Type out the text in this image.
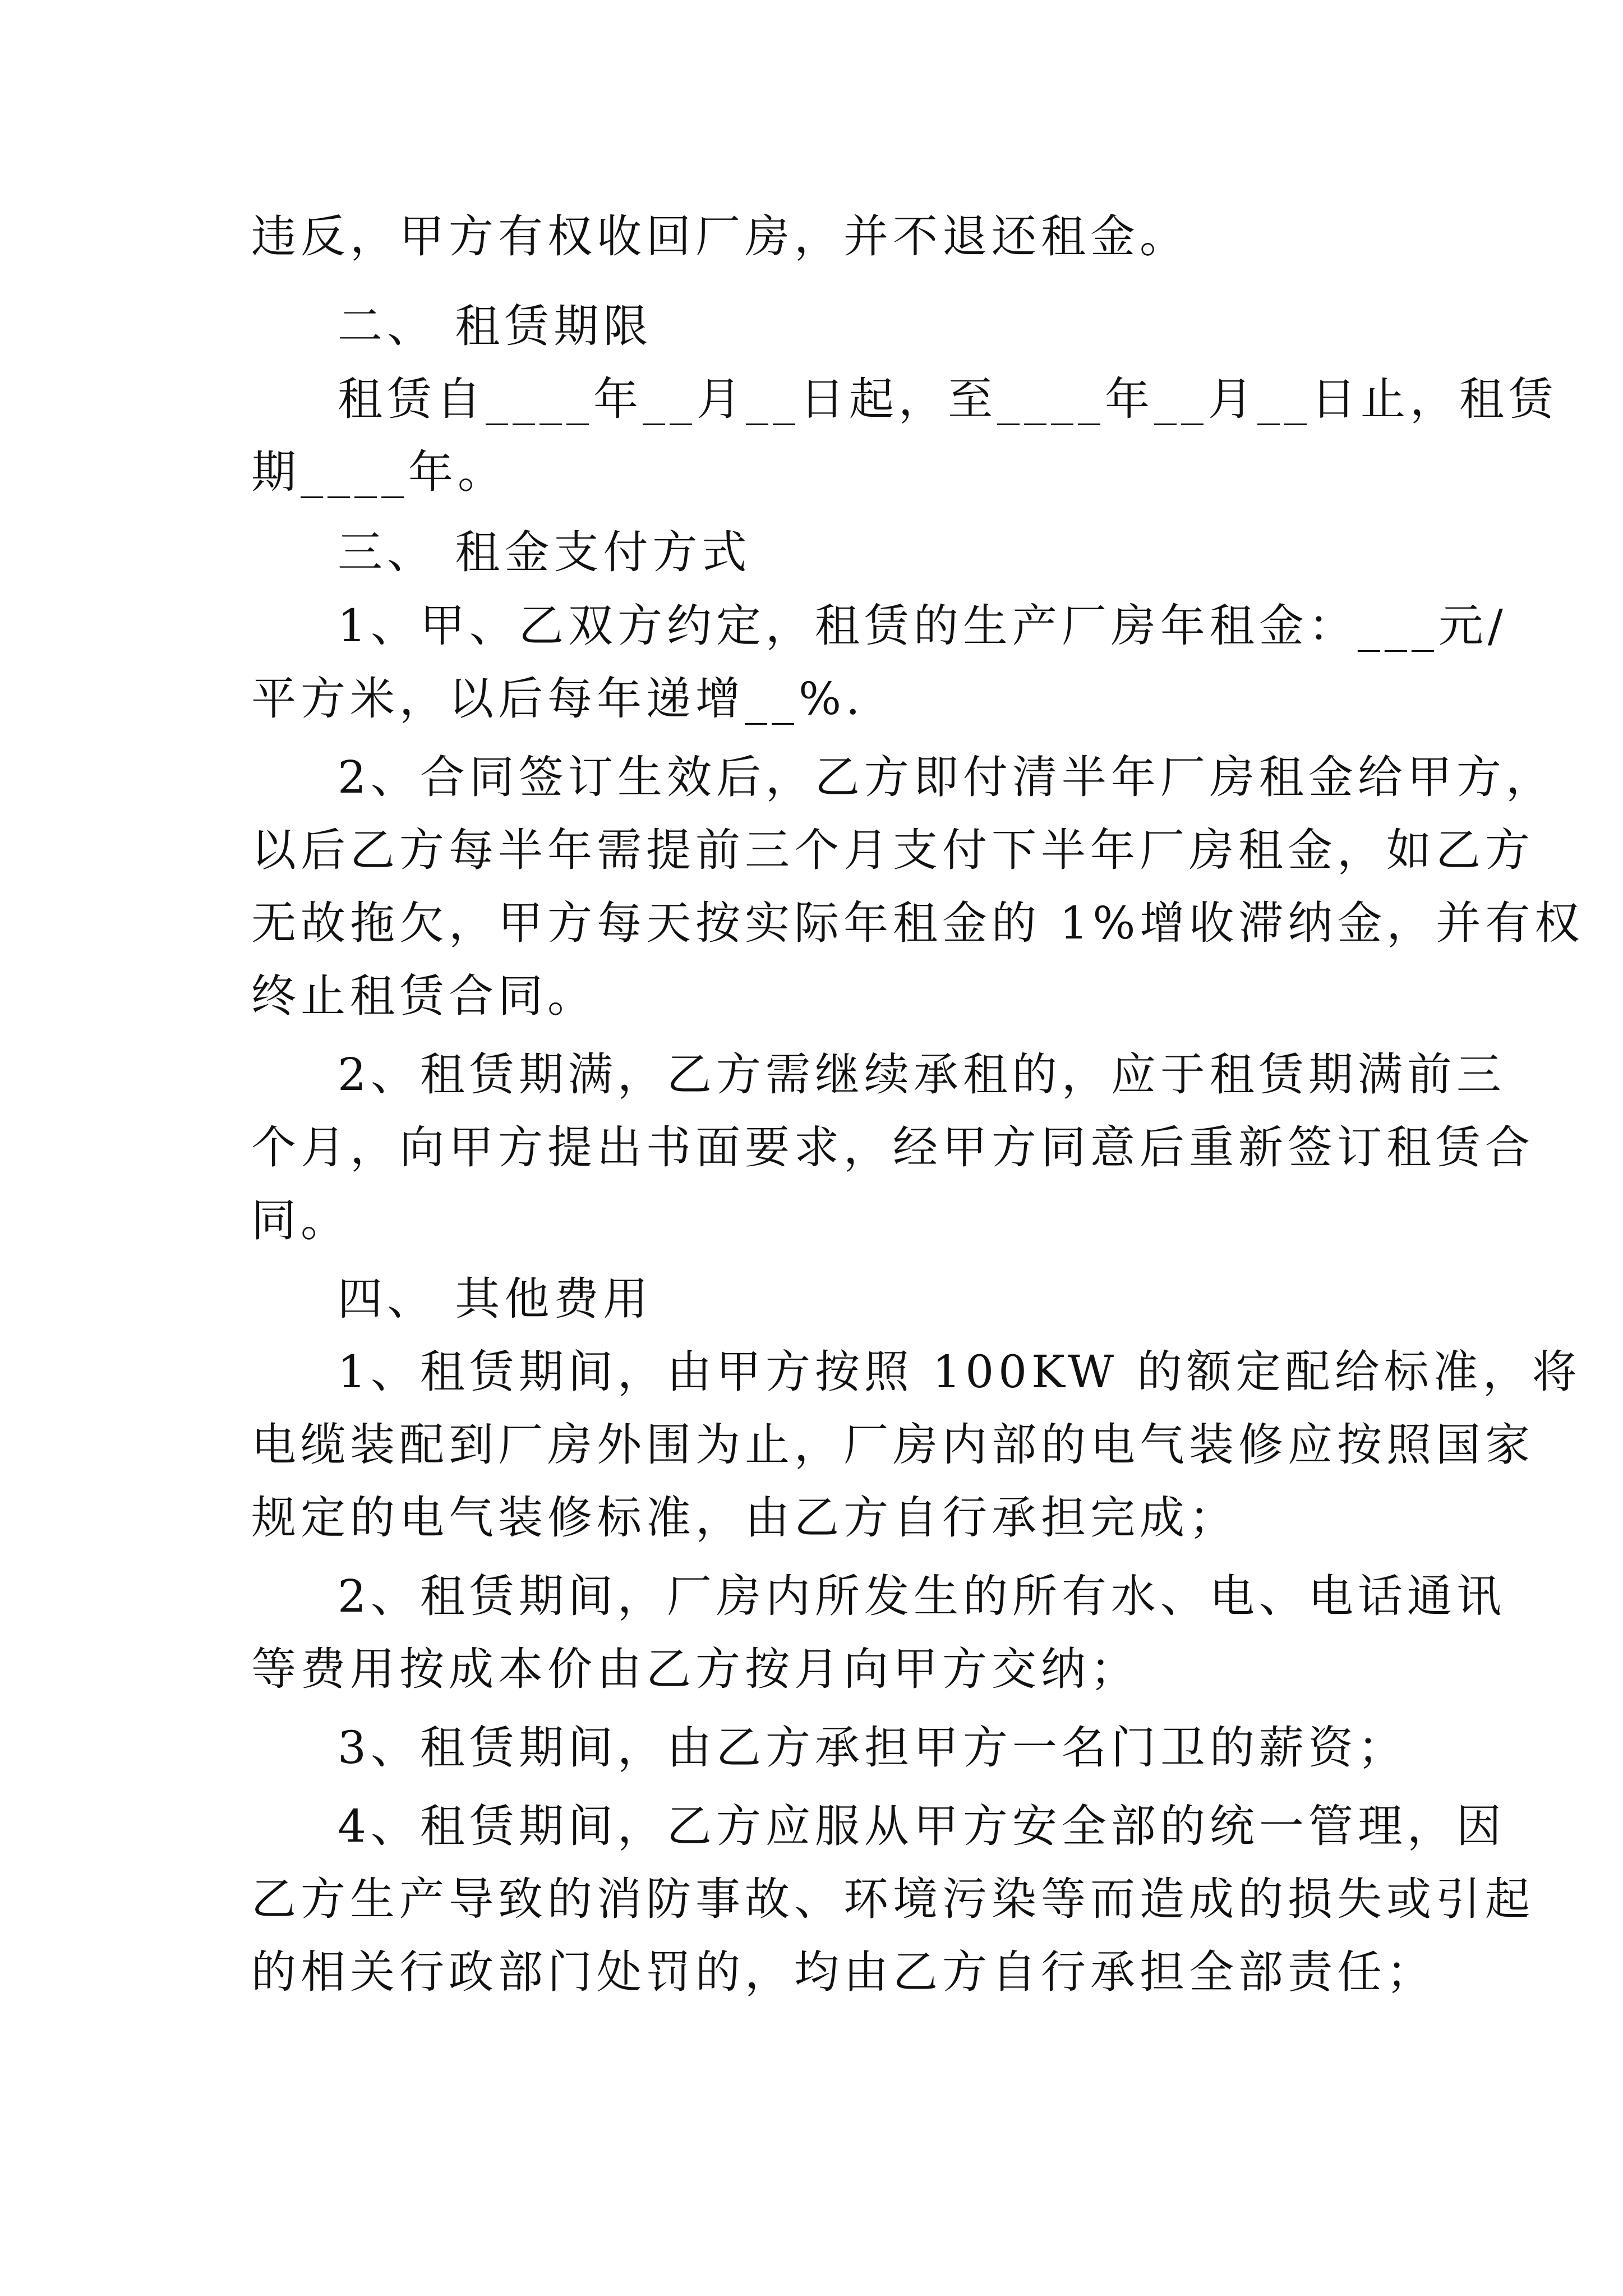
违反，甲方有权收回厂房，并不退还租金。
二、 租赁期限
租赁自____年__月__日起，至____年__月__日止，租赁
期____年。
三、 租金支付方式
1、甲、乙双方约定，租赁的生产厂房年租金：___元/
平方米，以后每年递增__%.
2、合同签订生效后，乙方即付清半年厂房租金给甲方，
以后乙方每半年需提前三个月支付下半年厂房租金，如乙方
无故拖欠，甲方每天按实际年租金的 1%增收滞纳金，并有权
终止租赁合同。
2、租赁期满，乙方需继续承租的，应于租赁期满前三
个月，向甲方提出书面要求，经甲方同意后重新签订租赁合
同。
四、 其他费用
1、租赁期间，由甲方按照 100KW 的额定配给标准，将
电缆装配到厂房外围为止，厂房内部的电气装修应按照国家
规定的电气装修标准，由乙方自行承担完成；
2、租赁期间，厂房内所发生的所有水、电、电话通讯
等费用按成本价由乙方按月向甲方交纳；
3、租赁期间，由乙方承担甲方一名门卫的薪资；
4、租赁期间，乙方应服从甲方安全部的统一管理，因
乙方生产导致的消防事故、环境污染等而造成的损失或引起
的相关行政部门处罚的，均由乙方自行承担全部责任；
